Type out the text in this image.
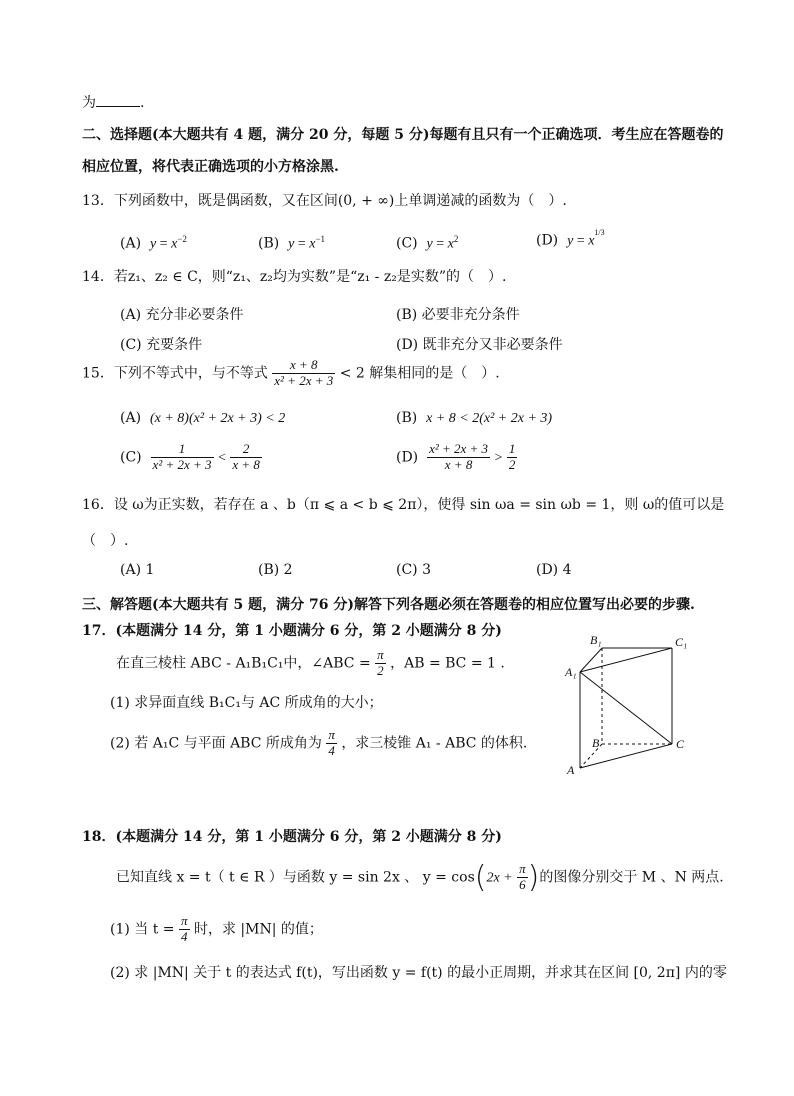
为	.
二、选择题(本大题共有 4 题，满分 20 分，每题 5 分)每题有且只有一个正确选项．考生应在答题卷的
相应位置，将代表正确选项的小方格涂黑.
13．下列函数中，既是偶函数，又在区间(0, + ∞)上单调递减的函数为（　）.
(A) $y = x^{-2}$	(B) $y = x^{-1}$	(C) $y = x^2$	(D) $y = x^{1/3}$
14．若z₁、z₂ ∈ C，则“z₁、z₂均为实数”是“z₁ - z₂是实数”的（　）.
(A) 充分非必要条件	(B) 必要非充分条件
(C) 充要条件	(D) 既非充分又非必要条件
15．下列不等式中，与不等式 $\frac{x + 8}{\text{x² + 2x + 3}} < 2$ 解集相同的是（　）.
(A) (x + 8)(x² + 2x + 3) < 2	(B) x + 8 < 2(x² + 2x + 3)
$(C) \frac{1}{\text{x² + 2x + 3}} < \frac{2}{x + 8}$	$(D) \frac{\text{x² + 2x + 3}}{x + 8} > \frac{1}{2}$
16．设 ω为正实数，若存在 a 、b（π ⩽ a < b ⩽ 2π），使得 sin ωa = sin ωb = 1，则 ω的值可以是
（　）.
(A) 1	(B) 2	(C) 3	(D) 4
三、解答题(本大题共有 5 题，满分 76 分)解答下列各题必须在答题卷的相应位置写出必要的步骤.
17．(本题满分 14 分，第 1 小题满分 6 分，第 2 小题满分 8 分)
在直三棱柱 ABC - A₁B₁C₁中，∠ABC = $\frac{\pi}{2}$ ，AB = BC = 1 .
(1) 求异面直线 B₁C₁与 AC 所成角的大小；
(2) 若 A₁C 与平面 ABC 所成角为 $\frac{\pi}{4}$ ，求三棱锥 A₁ - ABC 的体积.
B₁	C₁
A₁
B	C
A
18．(本题满分 14 分，第 1 小题满分 6 分，第 2 小题满分 8 分)
已知直线 x = t（ t ∈ R ）与函数 y = sin 2x 、 $y = \cos(2x + \frac{\pi}{6}$ )的图像分别交于 M 、N 两点.
(1) 当 $t = \frac{\pi}{4}$ 时，求 |MN| 的值；
(2) 求 |MN| 关于 t 的表达式 f(t)，写出函数 y = f(t) 的最小正周期，并求其在区间 [0, 2π] 内的零
